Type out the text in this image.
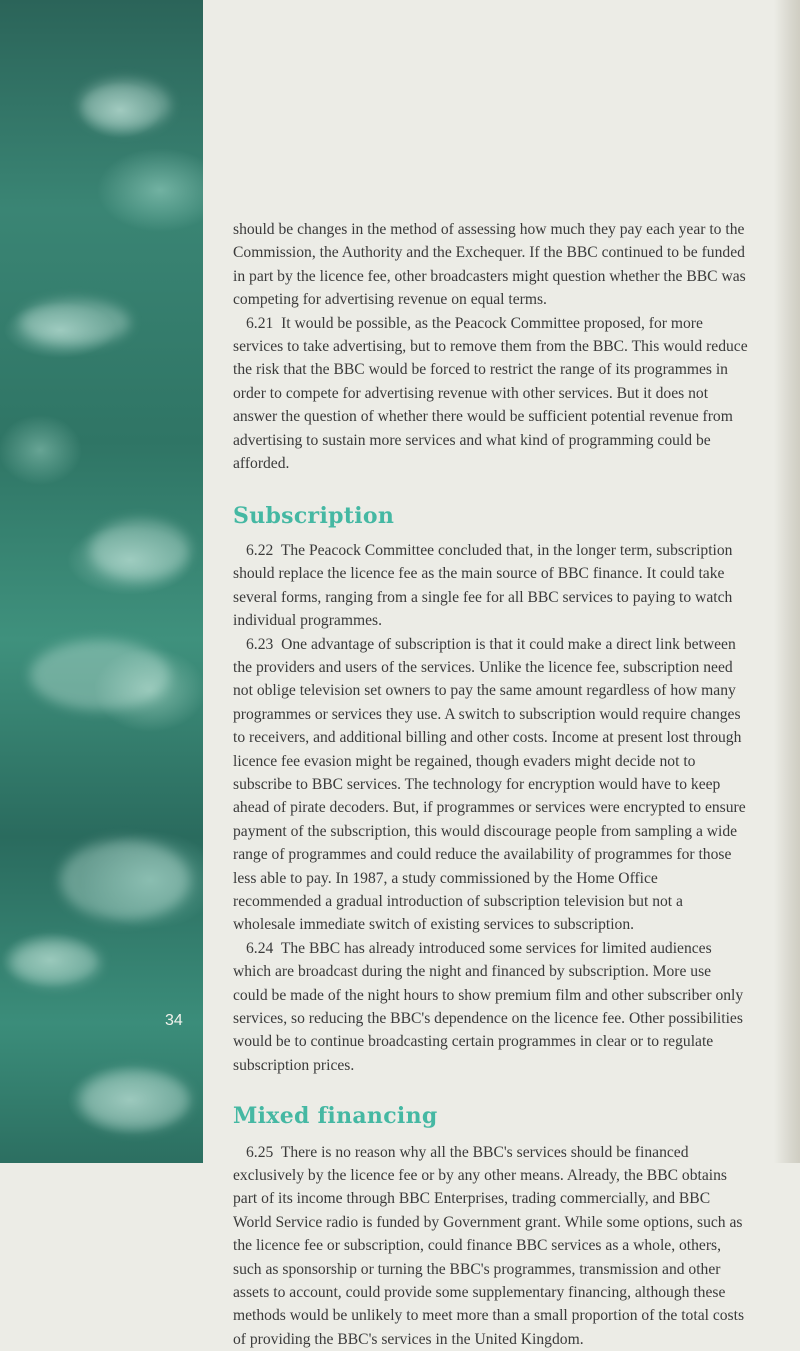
34

should be changes in the method of assessing how much they pay each year to the Commission, the Authority and the Exchequer. If the BBC continued to be funded in part by the licence fee, other broadcasters might question whether the BBC was competing for advertising revenue on equal terms.

6.21 It would be possible, as the Peacock Committee proposed, for more services to take advertising, but to remove them from the BBC. This would reduce the risk that the BBC would be forced to restrict the range of its programmes in order to compete for advertising revenue with other services. But it does not answer the question of whether there would be sufficient potential revenue from advertising to sustain more services and what kind of programming could be afforded.

Subscription

6.22 The Peacock Committee concluded that, in the longer term, subscription should replace the licence fee as the main source of BBC finance. It could take several forms, ranging from a single fee for all BBC services to paying to watch individual programmes.

6.23 One advantage of subscription is that it could make a direct link between the providers and users of the services. Unlike the licence fee, subscription need not oblige television set owners to pay the same amount regardless of how many programmes or services they use. A switch to subscription would require changes to receivers, and additional billing and other costs. Income at present lost through licence fee evasion might be regained, though evaders might decide not to subscribe to BBC services. The technology for encryption would have to keep ahead of pirate decoders. But, if programmes or services were encrypted to ensure payment of the subscription, this would discourage people from sampling a wide range of programmes and could reduce the availability of programmes for those less able to pay. In 1987, a study commissioned by the Home Office recommended a gradual introduction of subscription television but not a wholesale immediate switch of existing services to subscription.

6.24 The BBC has already introduced some services for limited audiences which are broadcast during the night and financed by subscription. More use could be made of the night hours to show premium film and other subscriber only services, so reducing the BBC's dependence on the licence fee. Other possibilities would be to continue broadcasting certain programmes in clear or to regulate subscription prices.

Mixed financing

6.25 There is no reason why all the BBC's services should be financed exclusively by the licence fee or by any other means. Already, the BBC obtains part of its income through BBC Enterprises, trading commercially, and BBC World Service radio is funded by Government grant. While some options, such as the licence fee or subscription, could finance BBC services as a whole, others, such as sponsorship or turning the BBC's programmes, transmission and other assets to account, could provide some supplementary financing, although these methods would be unlikely to meet more than a small proportion of the total costs of providing the BBC's services in the United Kingdom.
